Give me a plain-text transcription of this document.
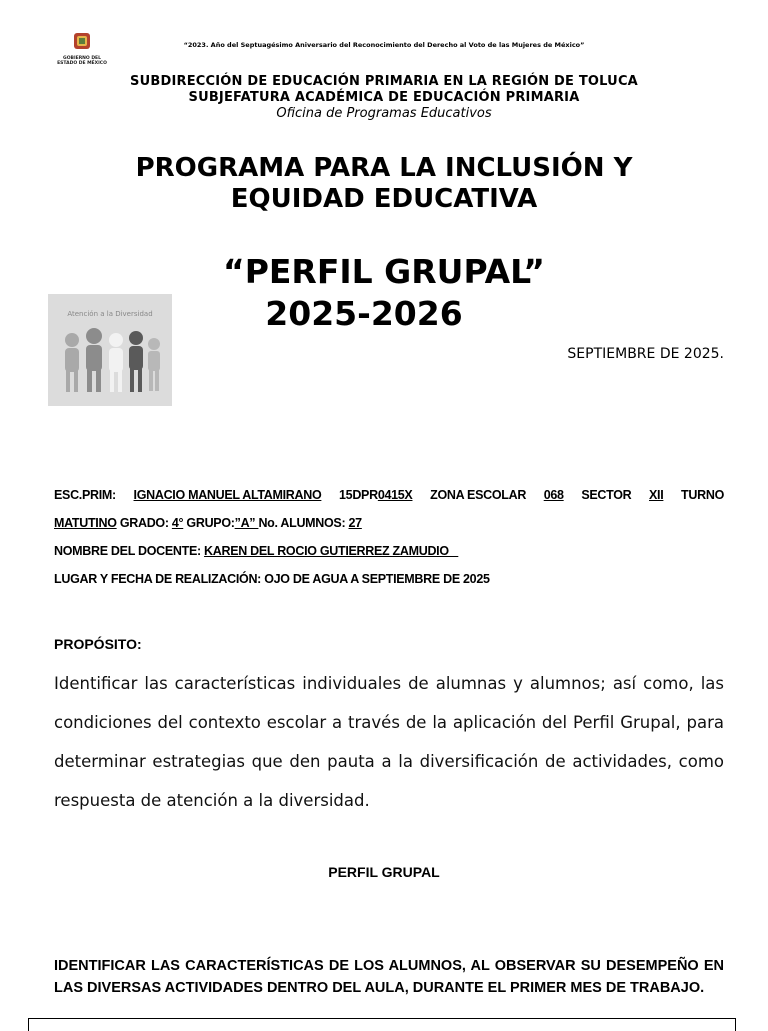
GOBIERNO DEL
ESTADO DE MÉXICO
“2023. Año del Septuagésimo Aniversario del Reconocimiento del Derecho al Voto de las Mujeres de México”
SUBDIRECCIÓN DE EDUCACIÓN PRIMARIA EN LA REGIÓN DE TOLUCA
SUBJEFATURA ACADÉMICA DE EDUCACIÓN PRIMARIA
Oficina de Programas Educativos
PROGRAMA PARA LA INCLUSIÓN Y
EQUIDAD EDUCATIVA
“PERFIL GRUPAL”
2025-2026
SEPTIEMBRE DE 2025.
Atención a la Diversidad
ESC.PRIM: IGNACIO MANUEL ALTAMIRANO 15DPR0415X ZONA ESCOLAR 068 SECTOR XII TURNO
MATUTINO GRADO: 4° GRUPO:”A” No. ALUMNOS: 27
NOMBRE DEL DOCENTE: KAREN DEL ROCIO GUTIERREZ ZAMUDIO
LUGAR Y FECHA DE REALIZACIÓN: OJO DE AGUA A SEPTIEMBRE DE 2025
PROPÓSITO:
Identificar las características individuales de alumnas y alumnos; así como, las condiciones del contexto escolar a través de la aplicación del Perfil Grupal, para determinar estrategias que den pauta a la diversificación de actividades, como respuesta de atención a la diversidad.
PERFIL GRUPAL
IDENTIFICAR LAS CARACTERÍSTICAS DE LOS ALUMNOS, AL OBSERVAR SU DESEMPEÑO EN LAS DIVERSAS ACTIVIDADES DENTRO DEL AULA, DURANTE EL PRIMER MES DE TRABAJO.
